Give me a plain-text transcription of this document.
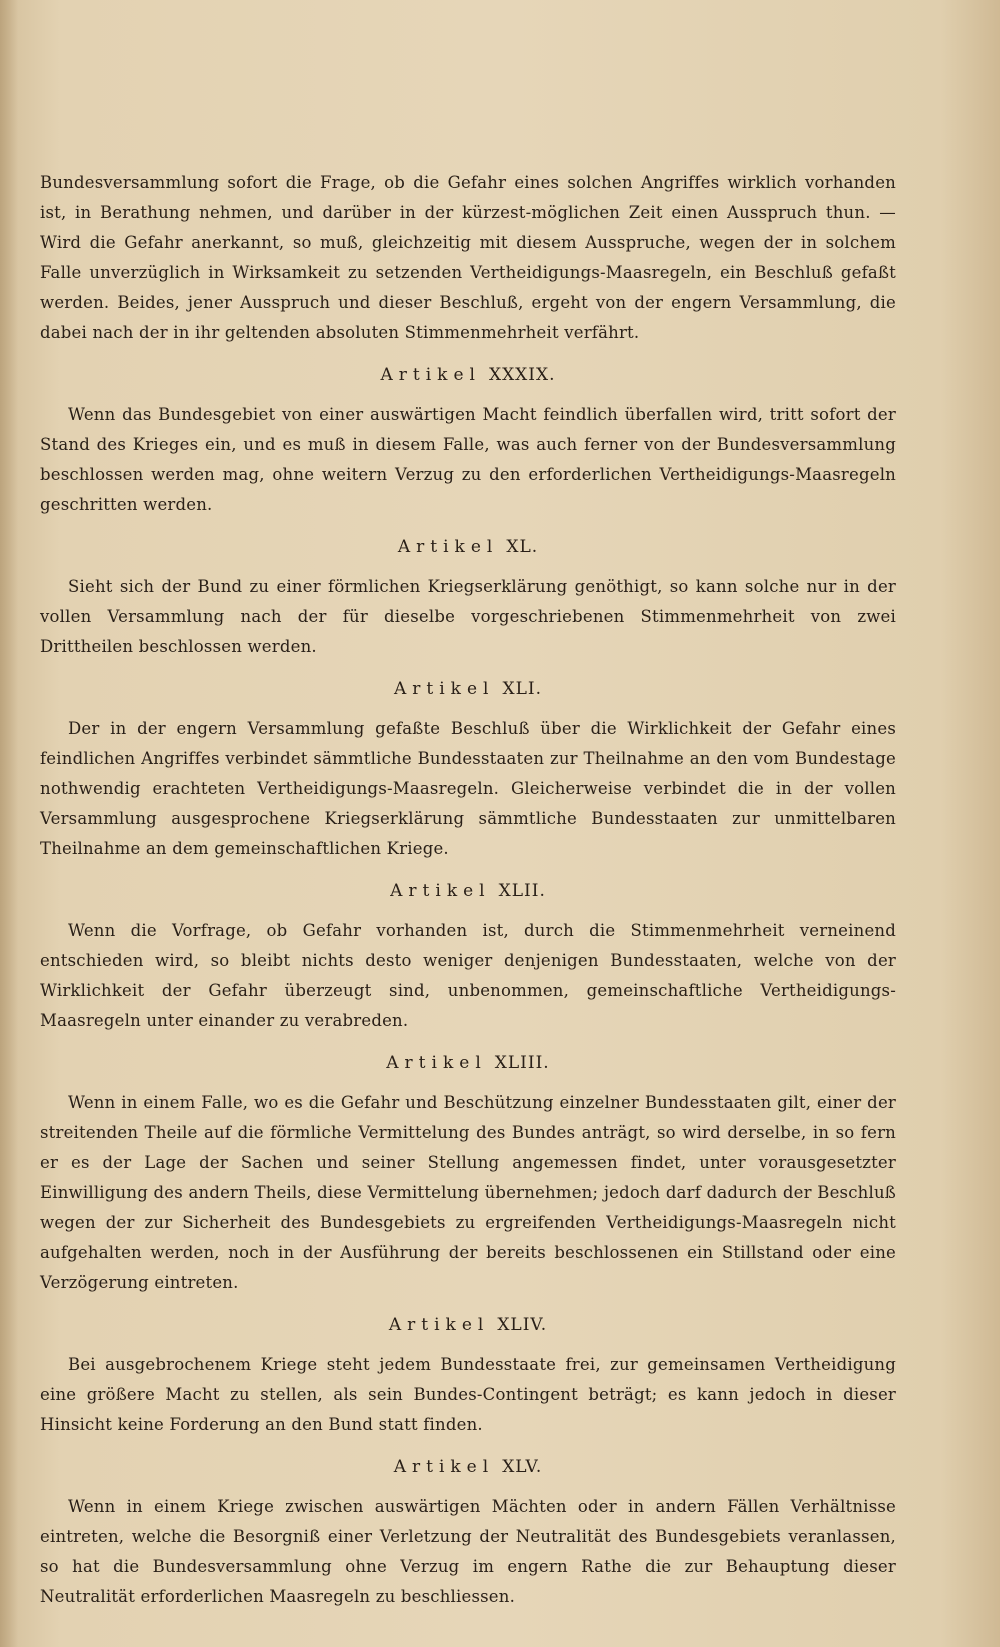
Bundesversammlung sofort die Frage, ob die Gefahr eines solchen Angriffes wirklich vorhanden ist, in Berathung nehmen, und darüber in der kürzest-möglichen Zeit einen Ausspruch thun. — Wird die Gefahr anerkannt, so muß, gleichzeitig mit diesem Ausspruche, wegen der in solchem Falle unverzüglich in Wirksamkeit zu setzenden Vertheidigungs-Maasregeln, ein Beschluß gefaßt werden. Beides, jener Ausspruch und dieser Beschluß, ergeht von der engern Versammlung, die dabei nach der in ihr geltenden absoluten Stimmenmehrheit verfährt.

Artikel XXXIX.

Wenn das Bundesgebiet von einer auswärtigen Macht feindlich überfallen wird, tritt sofort der Stand des Krieges ein, und es muß in diesem Falle, was auch ferner von der Bundesversammlung beschlossen werden mag, ohne weitern Verzug zu den erforderlichen Vertheidigungs-Maasregeln geschritten werden.

Artikel XL.

Sieht sich der Bund zu einer förmlichen Kriegserklärung genöthigt, so kann solche nur in der vollen Versammlung nach der für dieselbe vorgeschriebenen Stimmenmehrheit von zwei Drittheilen beschlossen werden.

Artikel XLI.

Der in der engern Versammlung gefaßte Beschluß über die Wirklichkeit der Gefahr eines feindlichen Angriffes verbindet sämmtliche Bundesstaaten zur Theilnahme an den vom Bundestage nothwendig erachteten Vertheidigungs-Maasregeln. Gleicherweise verbindet die in der vollen Versammlung ausgesprochene Kriegserklärung sämmtliche Bundesstaaten zur unmittelbaren Theilnahme an dem gemeinschaftlichen Kriege.

Artikel XLII.

Wenn die Vorfrage, ob Gefahr vorhanden ist, durch die Stimmenmehrheit verneinend entschieden wird, so bleibt nichts desto weniger denjenigen Bundesstaaten, welche von der Wirklichkeit der Gefahr überzeugt sind, unbenommen, gemeinschaftliche Vertheidigungs-Maasregeln unter einander zu verabreden.

Artikel XLIII.

Wenn in einem Falle, wo es die Gefahr und Beschützung einzelner Bundesstaaten gilt, einer der streitenden Theile auf die förmliche Vermittelung des Bundes anträgt, so wird derselbe, in so fern er es der Lage der Sachen und seiner Stellung angemessen findet, unter vorausgesetzter Einwilligung des andern Theils, diese Vermittelung übernehmen; jedoch darf dadurch der Beschluß wegen der zur Sicherheit des Bundesgebiets zu ergreifenden Vertheidigungs-Maasregeln nicht aufgehalten werden, noch in der Ausführung der bereits beschlossenen ein Stillstand oder eine Verzögerung eintreten.

Artikel XLIV.

Bei ausgebrochenem Kriege steht jedem Bundesstaate frei, zur gemeinsamen Vertheidigung eine größere Macht zu stellen, als sein Bundes-Contingent beträgt; es kann jedoch in dieser Hinsicht keine Forderung an den Bund statt finden.

Artikel XLV.

Wenn in einem Kriege zwischen auswärtigen Mächten oder in andern Fällen Verhältnisse eintreten, welche die Besorgniß einer Verletzung der Neutralität des Bundesgebiets veranlassen, so hat die Bundesversammlung ohne Verzug im engern Rathe die zur Behauptung dieser Neutralität erforderlichen Maasregeln zu beschliessen.
